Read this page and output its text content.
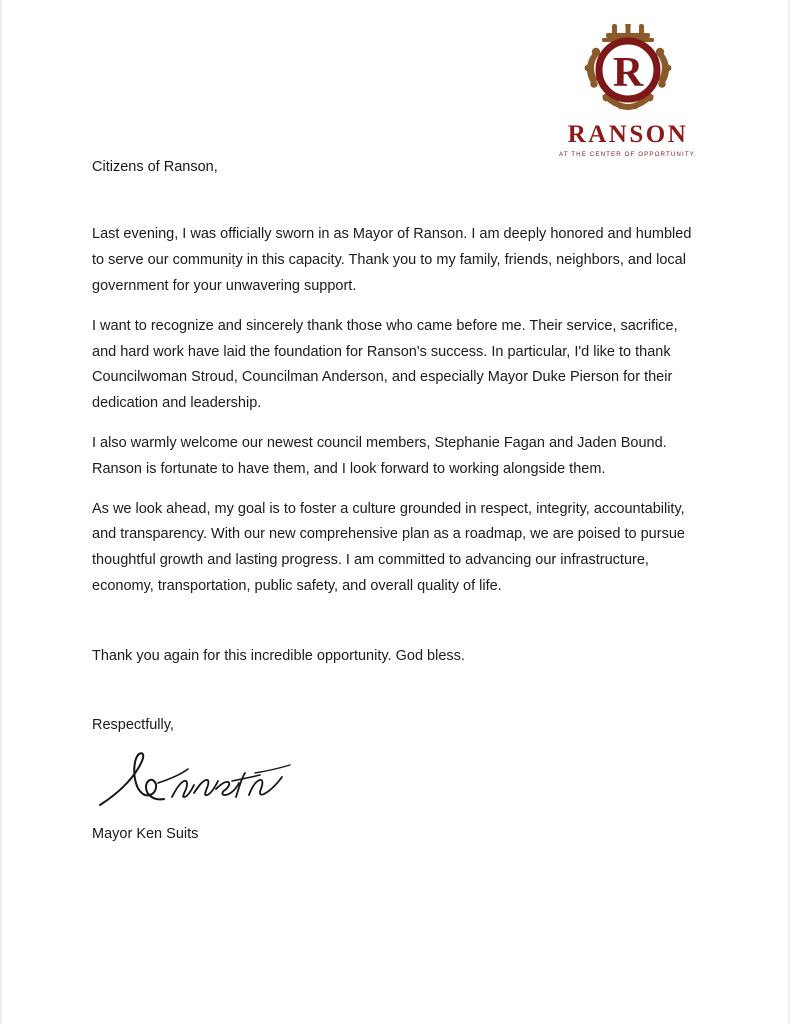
R
RANSON
AT THE CENTER OF OPPORTUNITY.

Citizens of Ranson,

Last evening, I was officially sworn in as Mayor of Ranson. I am deeply honored and humbled to serve our community in this capacity. Thank you to my family, friends, neighbors, and local government for your unwavering support.

I want to recognize and sincerely thank those who came before me. Their service, sacrifice, and hard work have laid the foundation for Ranson's success. In particular, I'd like to thank Councilwoman Stroud, Councilman Anderson, and especially Mayor Duke Pierson for their dedication and leadership.

I also warmly welcome our newest council members, Stephanie Fagan and Jaden Bound. Ranson is fortunate to have them, and I look forward to working alongside them.

As we look ahead, my goal is to foster a culture grounded in respect, integrity, accountability, and transparency. With our new comprehensive plan as a roadmap, we are poised to pursue thoughtful growth and lasting progress. I am committed to advancing our infrastructure, economy, transportation, public safety, and overall quality of life.

Thank you again for this incredible opportunity. God bless.

Respectfully,

Mayor Ken Suits
